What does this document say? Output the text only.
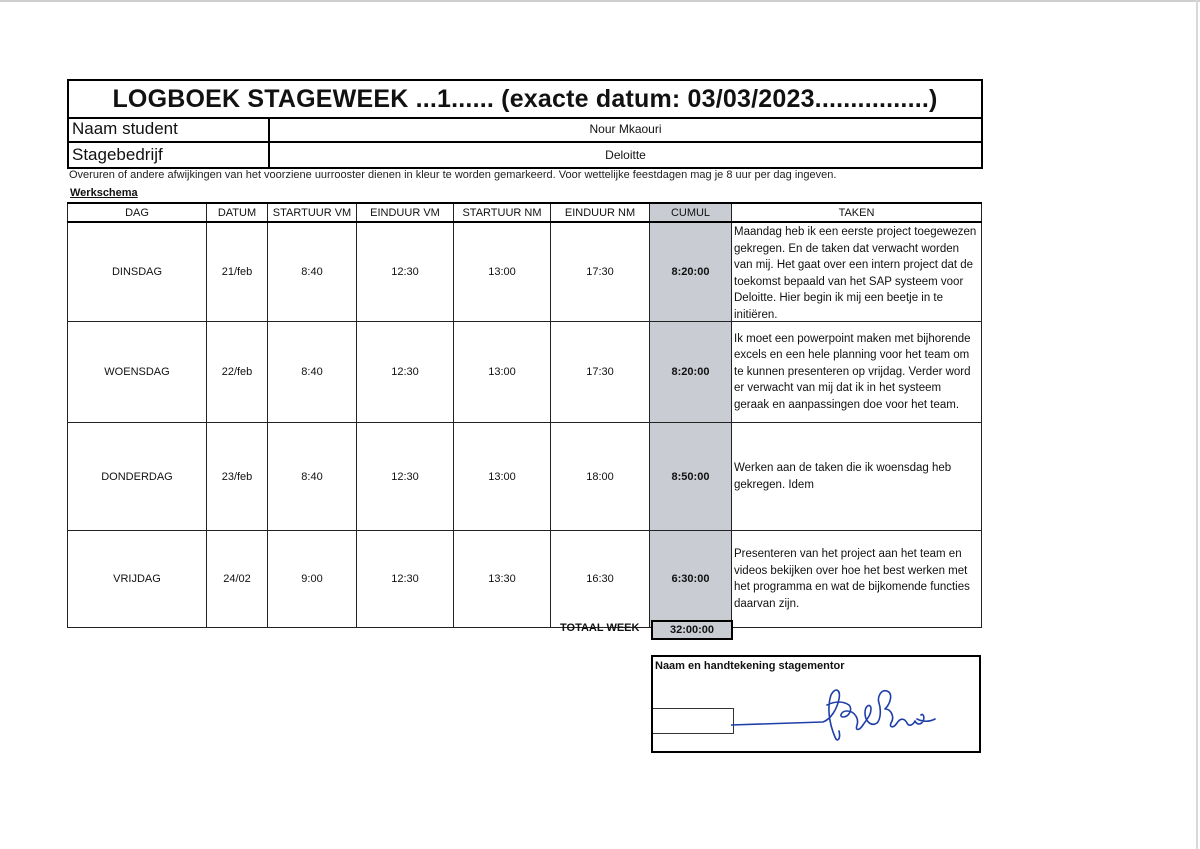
LOGBOEK STAGEWEEK ...1...... (exacte datum: 03/03/2023................)
Naam student	Nour Mkaouri
Stagebedrijf	Deloitte
Overuren of andere afwijkingen van het voorziene uurrooster dienen in kleur te worden gemarkeerd. Voor wettelijke feestdagen mag je 8 uur per dag ingeven.
Werkschema
DAG	DATUM	STARTUUR VM	EINDUUR VM	STARTUUR NM	EINDUUR NM	CUMUL	TAKEN
DINSDAG	21/feb	8:40	12:30	13:00	17:30	8:20:00	Maandag heb ik een eerste project toegewezen gekregen. En de taken dat verwacht worden van mij. Het gaat over een intern project dat de toekomst bepaald van het SAP systeem voor Deloitte. Hier begin ik mij een beetje in te initiëren.

WOENSDAG	22/feb	8:40	12:30	13:00	17:30	8:20:00	Ik moet een powerpoint maken met bijhorende excels en een hele planning voor het team om te kunnen presenteren op vrijdag. Verder word er verwacht van mij dat ik in het systeem geraak en aanpassingen doe voor het team.

DONDERDAG	23/feb	8:40	12:30	13:00	18:00	8:50:00	Werken aan de taken die ik woensdag heb gekregen. Idem

VRIJDAG	24/02	9:00	12:30	13:30	16:30	6:30:00	Presenteren van het project aan het team en videos bekijken over hoe het best werken met het programma en wat de bijkomende functies daarvan zijn.
TOTAAL WEEK	32:00:00
Naam en handtekening stagementor
